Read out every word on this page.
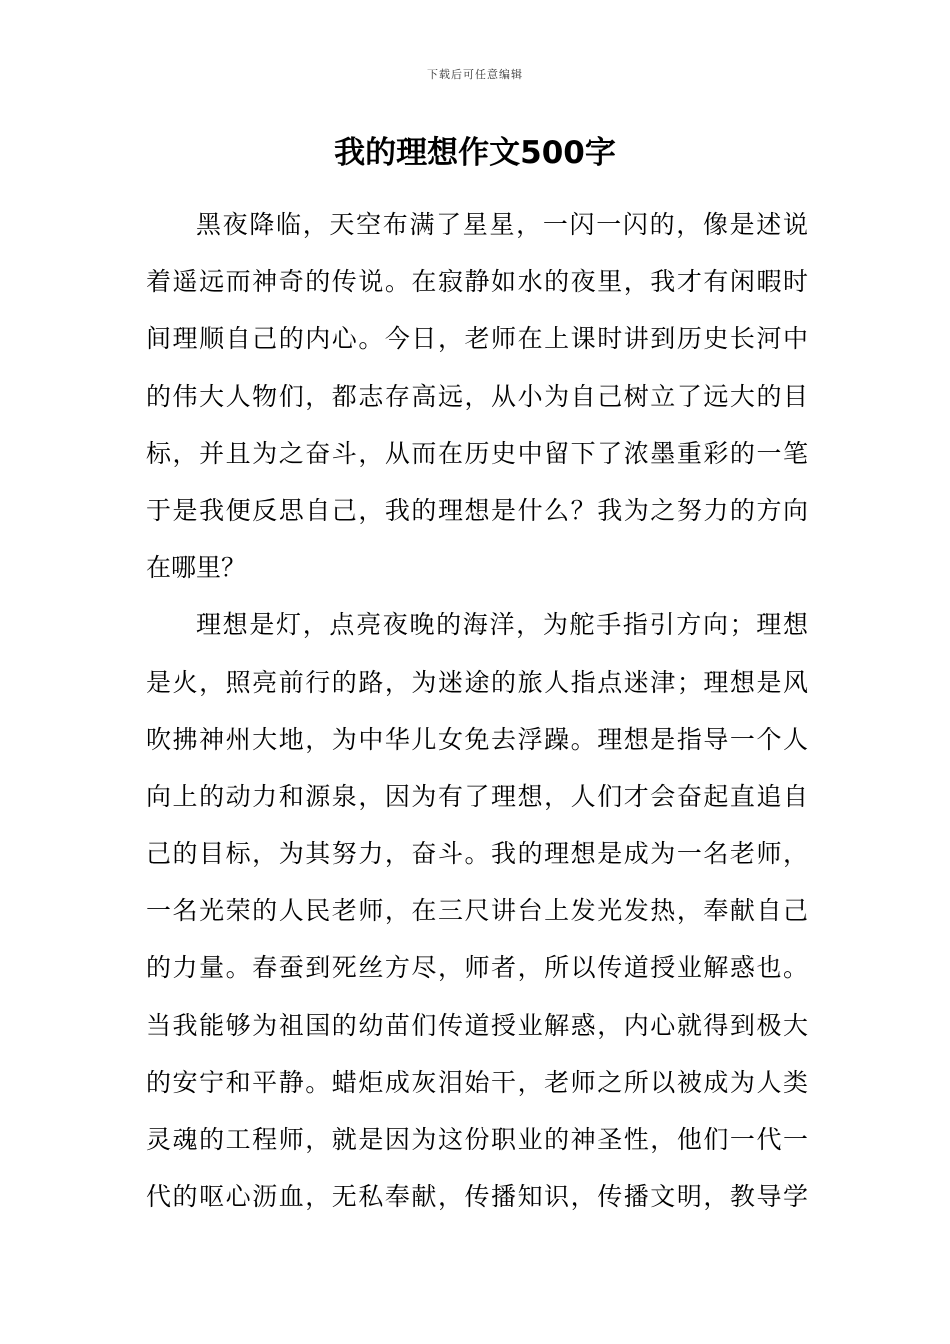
下载后可任意编辑
我的理想作文500字
黑夜降临，天空布满了星星，一闪一闪的，像是述说
着遥远而神奇的传说。在寂静如水的夜里，我才有闲暇时
间理顺自己的内心。今日，老师在上课时讲到历史长河中
的伟大人物们，都志存高远，从小为自己树立了远大的目
标，并且为之奋斗，从而在历史中留下了浓墨重彩的一笔
于是我便反思自己，我的理想是什么？我为之努力的方向
在哪里？
理想是灯，点亮夜晚的海洋，为舵手指引方向；理想
是火，照亮前行的路，为迷途的旅人指点迷津；理想是风
吹拂神州大地，为中华儿女免去浮躁。理想是指导一个人
向上的动力和源泉，因为有了理想，人们才会奋起直追自
己的目标，为其努力，奋斗。我的理想是成为一名老师，
一名光荣的人民老师，在三尺讲台上发光发热，奉献自己
的力量。春蚕到死丝方尽，师者，所以传道授业解惑也。
当我能够为祖国的幼苗们传道授业解惑，内心就得到极大
的安宁和平静。蜡炬成灰泪始干，老师之所以被成为人类
灵魂的工程师，就是因为这份职业的神圣性，他们一代一
代的呕心沥血，无私奉献，传播知识，传播文明，教导学
